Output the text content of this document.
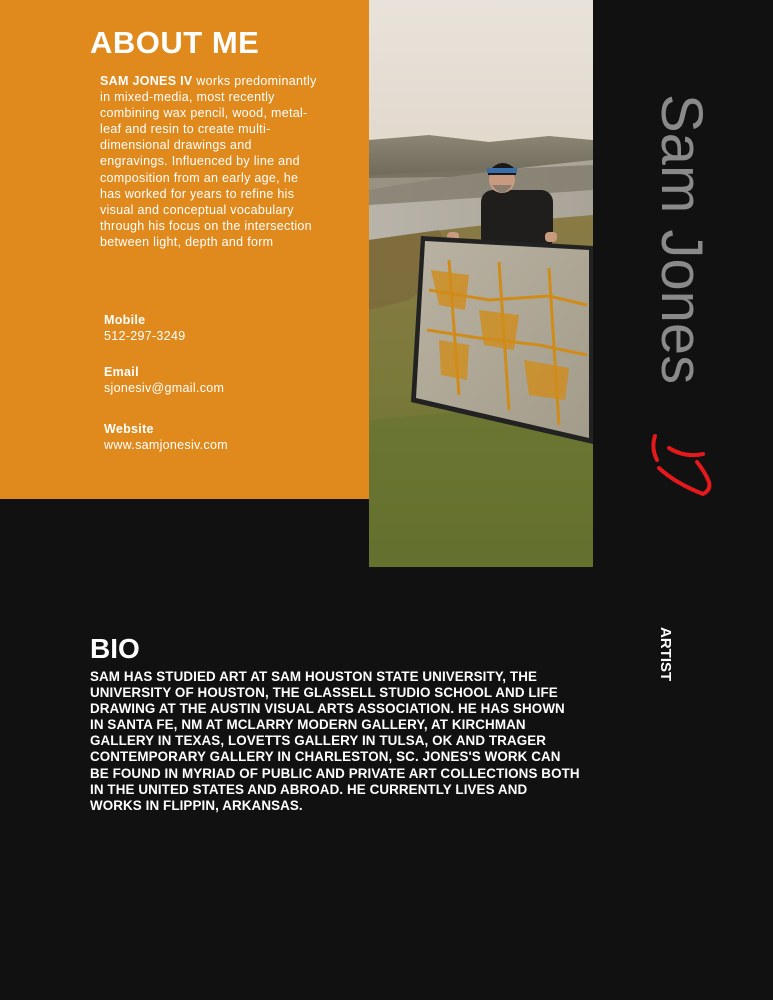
ABOUT ME

SAM JONES IV works predominantly in mixed-media, most recently combining wax pencil, wood, metal-leaf and resin to create multi-dimensional drawings and engravings. Influenced by line and composition from an early age, he has worked for years to refine his visual and conceptual vocabulary through his focus on the intersection between light, depth and form

Mobile
512-297-3249
Email
sjonesiv@gmail.com
Website
www.samjonesiv.com
Sam Jones
ARTIST
BIO

SAM HAS STUDIED ART AT SAM HOUSTON STATE UNIVERSITY, THE UNIVERSITY OF HOUSTON, THE GLASSELL STUDIO SCHOOL AND LIFE DRAWING AT THE AUSTIN VISUAL ARTS ASSOCIATION. HE HAS SHOWN IN SANTA FE, NM AT MCLARRY MODERN GALLERY, AT KIRCHMAN GALLERY IN TEXAS, LOVETTS GALLERY IN TULSA, OK AND TRAGER CONTEMPORARY GALLERY IN CHARLESTON, SC. JONES'S WORK CAN BE FOUND IN MYRIAD OF PUBLIC AND PRIVATE ART COLLECTIONS BOTH IN THE UNITED STATES AND ABROAD. HE CURRENTLY LIVES AND WORKS IN FLIPPIN, ARKANSAS.
